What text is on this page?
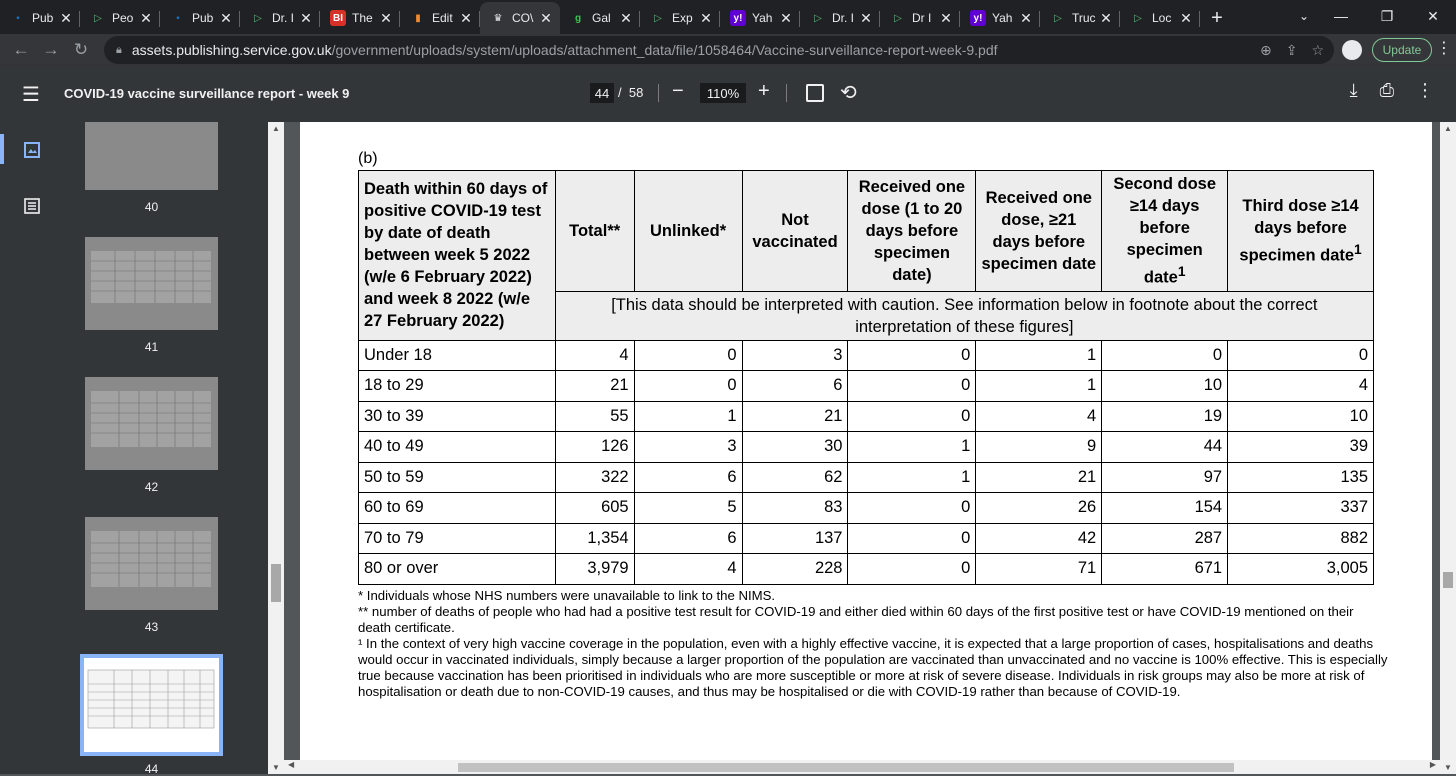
▪	Pub ✕	▷ Peo ✕	▪	Pub ✕	▷ Dr. I ✕	BI The ✕	▮ Edit ✕	♛ CO\ ✕	g Gal ✕	▷ Exp ✕	y! Yah ✕	▷ Dr. I ✕	▷ Dr I ✕	y! Yah ✕	▷ Truc ✕	▷ Loc ✕ +	⌄	—	❐	✕
← → ↻	🔒︎ assets.publishing.service.gov.uk /government/uploads/system/uploads/attachment_data/file/1058464/Vaccine-surveillance-report-week-9.pdf	⊕ ⇪ ☆	Update ⋮
☰ COVID-19 vaccine surveillance report - week 9	44 / 58 −	110% +	⟲	⤓ ⎙ ⋮
40
41
42
43
44
▲
▼
(b)
Death within 60 days of positive COVID-19 test by date of death between week 5 2022 (w/e 6 February 2022) and week 8 2022 (w/e 27 February 2022)	Total**	Unlinked*	Not vaccinated	Received one dose (1 to 20 days before specimen date)	Received one dose, ≥21 days before specimen date	Second dose ≥14 days before specimen date$^1$	Third dose ≥14 days before specimen date$^1$
	[This data should be interpreted with caution. See information below in footnote about the correct interpretation of these figures]						
Under 18	4	0	3	0	1	0	0
18 to 29	21	0	6	0	1	10	4
30 to 39	55	1	21	0	4	19	10
40 to 49	126	3	30	1	9	44	39
50 to 59	322	6	62	1	21	97	135
60 to 69	605	5	83	0	26	154	337
70 to 79	1,354	6	137	0	42	287	882
80 or over	3,979	4	228	0	71	671	3,005
* Individuals whose NHS numbers were unavailable to link to the NIMS.
** number of deaths of people who had had a positive test result for COVID-19 and either died within 60 days of the first positive test or have COVID-19 mentioned on their death certificate.
¹ In the context of very high vaccine coverage in the population, even with a highly effective vaccine, it is expected that a large proportion of cases, hospitalisations and deaths would occur in vaccinated individuals, simply because a larger proportion of the population are vaccinated than unvaccinated and no vaccine is 100% effective. This is especially true because vaccination has been prioritised in individuals who are more susceptible or more at risk of severe disease. Individuals in risk groups may also be more at risk of hospitalisation or death due to non-COVID-19 causes, and thus may be hospitalised or die with COVID-19 rather than because of COVID-19.
▲
▼
◀	▶
